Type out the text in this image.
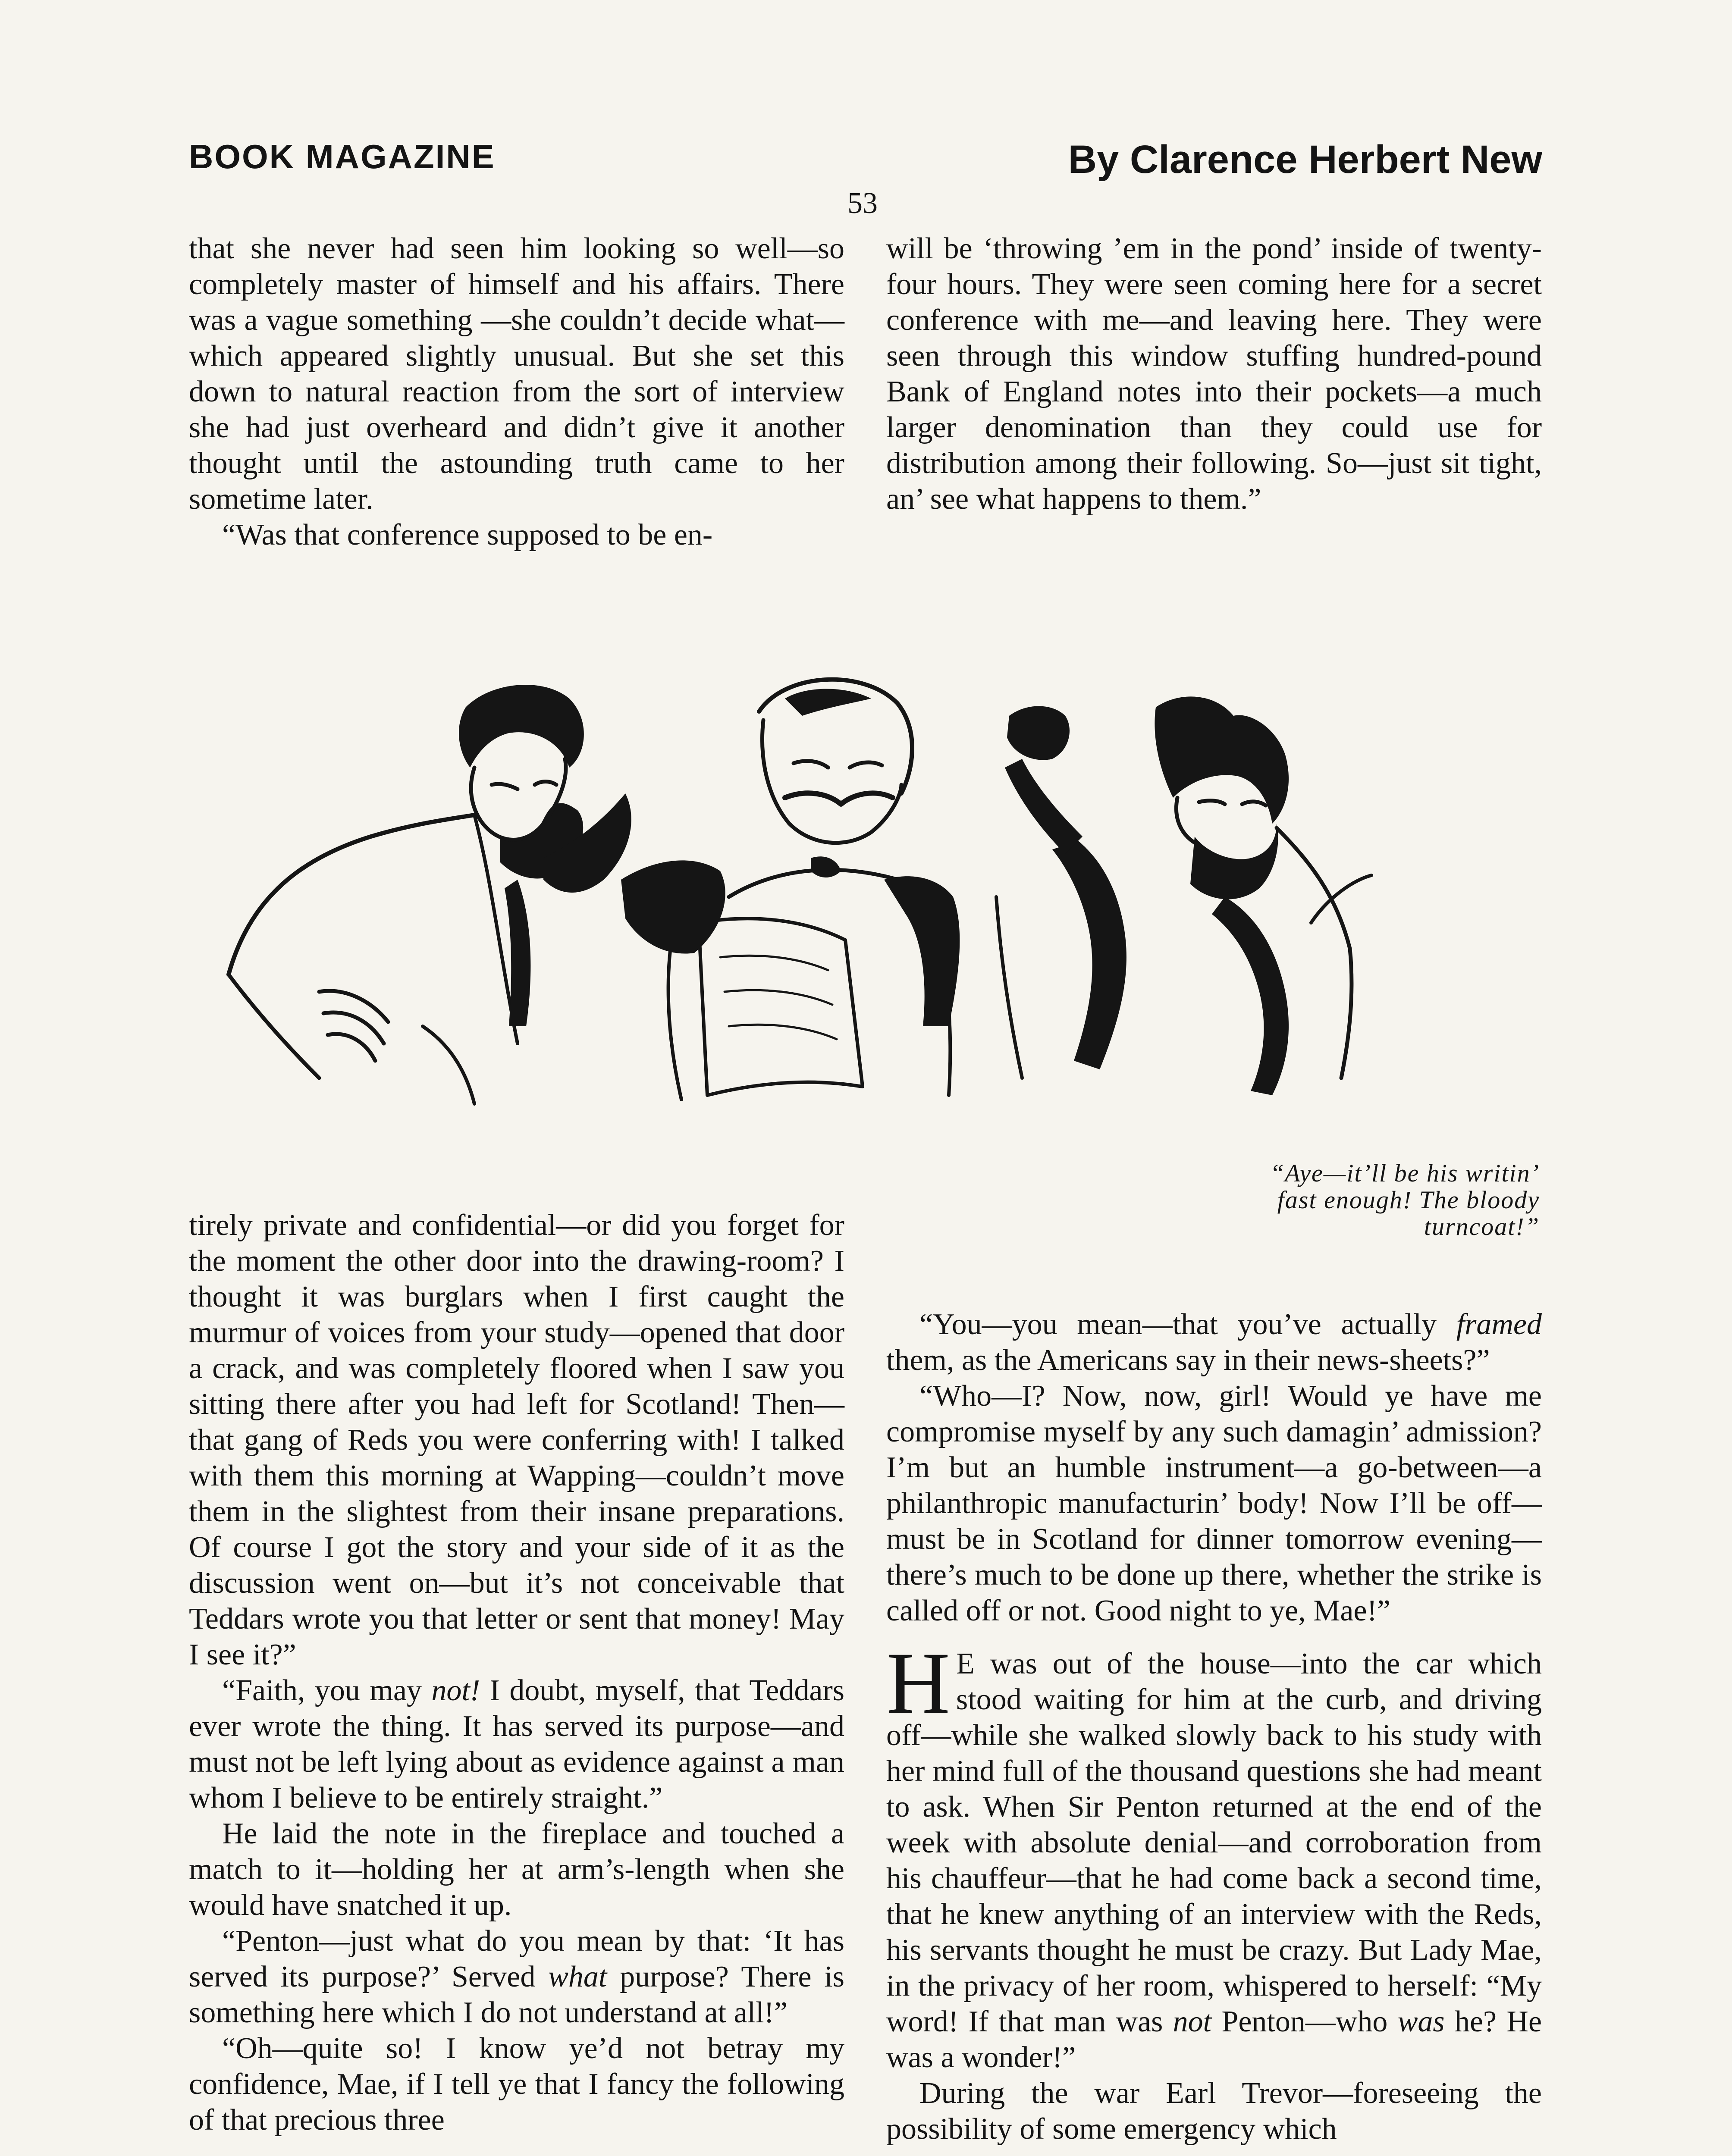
BOOK MAGAZINE	By Clarence Herbert New
53

that she never had seen him looking so well—so completely master of himself and his affairs. There was a vague something —she couldn’t decide what—which appeared slightly unusual. But she set this down to natural reaction from the sort of interview she had just overheard and didn’t give it another thought until the astounding truth came to her sometime later.

“Was that conference supposed to be en-

will be ‘throwing ’em in the pond’ inside of twenty-four hours. They were seen coming here for a secret conference with me—and leaving here. They were seen through this window stuffing hundred-pound Bank of England notes into their pockets—a much larger denomination than they could use for distribution among their following. So—just sit tight, an’ see what happens to them.”

“Aye—it’ll be his writin’
fast enough! The bloody
turncoat!”

tirely private and confidential—or did you forget for the moment the other door into the drawing-room? I thought it was burglars when I first caught the murmur of voices from your study—opened that door a crack, and was completely floored when I saw you sitting there after you had left for Scotland! Then—that gang of Reds you were conferring with! I talked with them this morning at Wapping—couldn’t move them in the slightest from their insane preparations. Of course I got the story and your side of it as the discussion went on—but it’s not conceivable that Teddars wrote you that letter or sent that money! May I see it?”

“Faith, you may not! I doubt, myself, that Teddars ever wrote the thing. It has served its purpose—and must not be left lying about as evidence against a man whom I believe to be entirely straight.”

He laid the note in the fireplace and touched a match to it—holding her at arm’s-length when she would have snatched it up.

“Penton—just what do you mean by that: ‘It has served its purpose?’ Served what purpose? There is something here which I do not understand at all!”

“Oh—quite so! I know ye’d not betray my confidence, Mae, if I tell ye that I fancy the following of that precious three

“You—you mean—that you’ve actually framed them, as the Americans say in their news-sheets?”

“Who—I? Now, now, girl! Would ye have me compromise myself by any such damagin’ admission? I’m but an humble instrument—a go-between—a philanthropic manufacturin’ body! Now I’ll be off—must be in Scotland for dinner tomorrow evening—there’s much to be done up there, whether the strike is called off or not. Good night to ye, Mae!”

H E was out of the house—into the car which stood waiting for him at the curb, and driving off—while she walked slowly back to his study with her mind full of the thousand questions she had meant to ask. When Sir Penton returned at the end of the week with absolute denial—and corroboration from his chauffeur—that he had come back a second time, that he knew anything of an interview with the Reds, his servants thought he must be crazy. But Lady Mae, in the privacy of her room, whispered to herself: “My word! If that man was not Penton—who was he? He was a wonder!”

During the war Earl Trevor—foreseeing the possibility of some emergency which
